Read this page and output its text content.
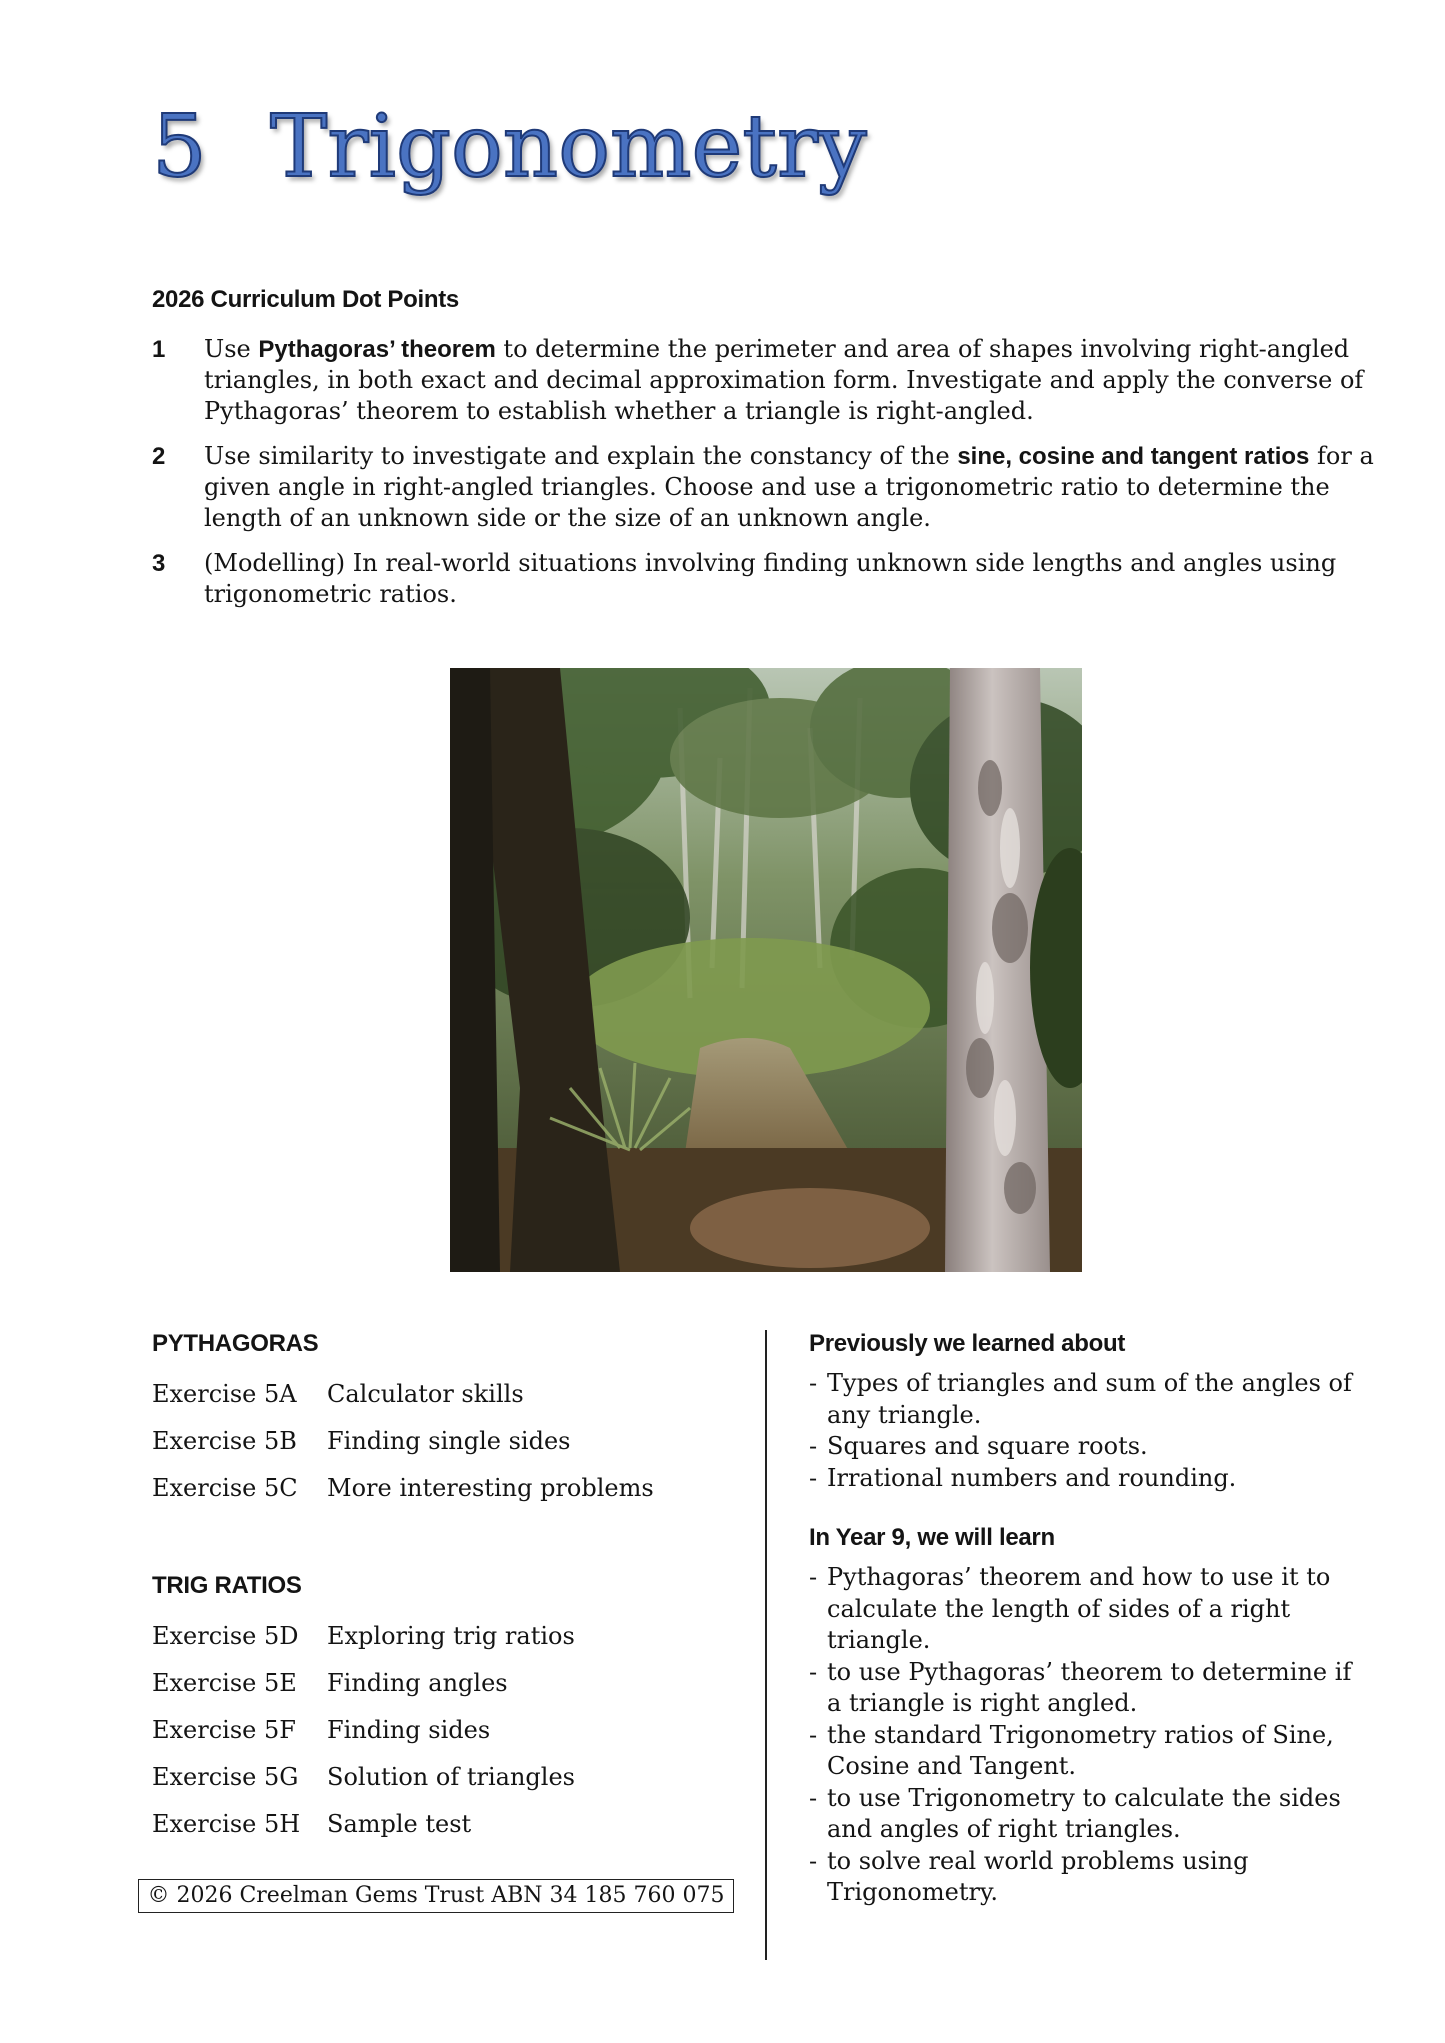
5 Trigonometry
2026 Curriculum Dot Points
1 Use Pythagoras’ theorem to determine the perimeter and area of shapes involving right-angled triangles, in both exact and decimal approximation form. Investigate and apply the converse of Pythagoras’ theorem to establish whether a triangle is right-angled.
2 Use similarity to investigate and explain the constancy of the sine, cosine and tangent ratios for a given angle in right-angled triangles. Choose and use a trigonometric ratio to determine the length of an unknown side or the size of an unknown angle.
3 (Modelling) In real-world situations involving finding unknown side lengths and angles using trigonometric ratios.
PYTHAGORAS
Exercise 5A	Calculator skills
Exercise 5B	Finding single sides
Exercise 5C	More interesting problems
TRIG RATIOS
Exercise 5D	Exploring trig ratios
Exercise 5E	Finding angles
Exercise 5F	Finding sides
Exercise 5G	Solution of triangles
Exercise 5H	Sample test
© 2026 Creelman Gems Trust ABN 34 185 760 075
Previously we learned about
- Types of triangles and sum of the angles of any triangle.
- Squares and square roots.
- Irrational numbers and rounding.
In Year 9, we will learn
- Pythagoras’ theorem and how to use it to calculate the length of sides of a right triangle.
- to use Pythagoras’ theorem to determine if a triangle is right angled.
- the standard Trigonometry ratios of Sine, Cosine and Tangent.
- to use Trigonometry to calculate the sides and angles of right triangles.
- to solve real world problems using Trigonometry.
